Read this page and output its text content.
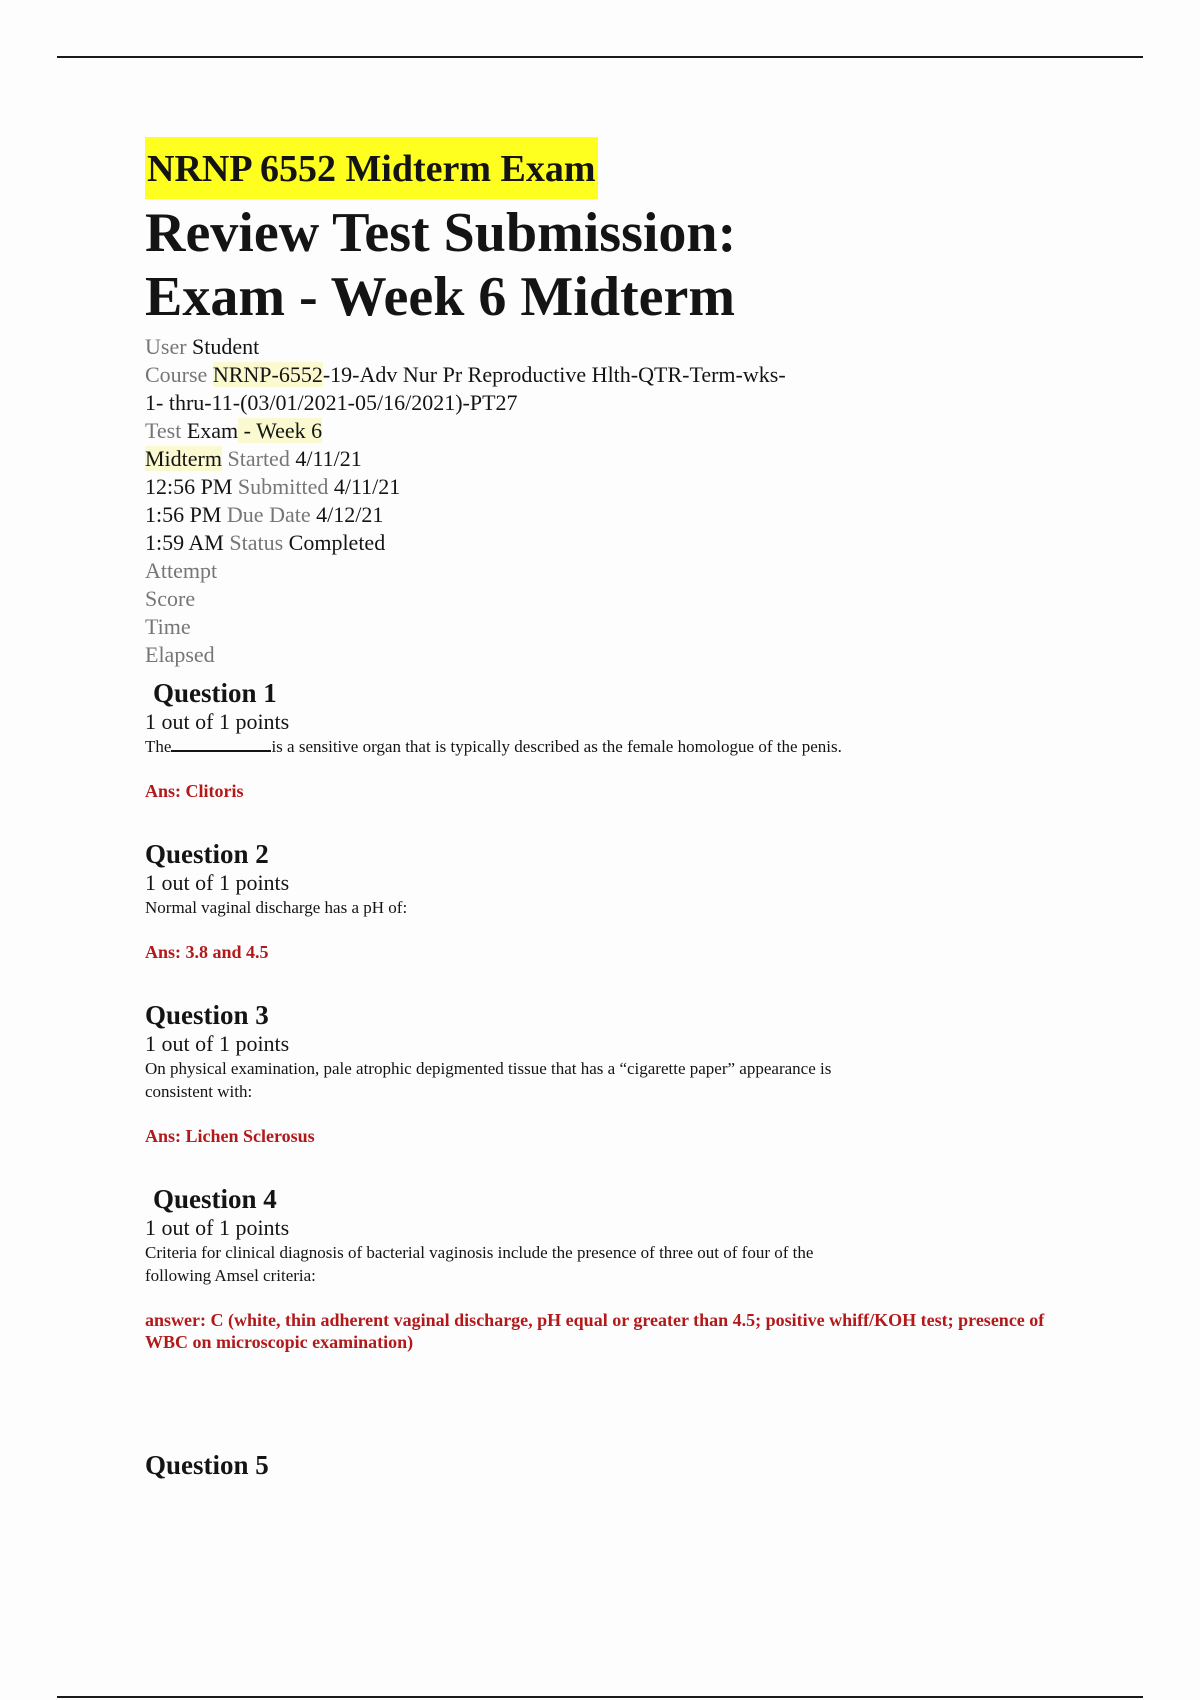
NRNP 6552 Midterm Exam
Review Test Submission:
Exam - Week 6 Midterm
User Student
Course NRNP-6552-19-Adv Nur Pr Reproductive Hlth-QTR-Term-wks-
1- thru-11-(03/01/2021-05/16/2021)-PT27
Test Exam - Week 6
Midterm Started 4/11/21
12:56 PM Submitted 4/11/21
1:56 PM Due Date 4/12/21
1:59 AM Status Completed
Attempt
Score
Time
Elapsed
Question 1
1 out of 1 points
The	is a sensitive organ that is typically described as the female homologue of the penis.
Ans: Clitoris
Question 2
1 out of 1 points
Normal vaginal discharge has a pH of:
Ans: 3.8 and 4.5
Question 3
1 out of 1 points
On physical examination, pale atrophic depigmented tissue that has a “cigarette paper” appearance is consistent with:
Ans: Lichen Sclerosus
Question 4
1 out of 1 points
Criteria for clinical diagnosis of bacterial vaginosis include the presence of three out of four of the following Amsel criteria:
answer: C (white, thin adherent vaginal discharge, pH equal or greater than 4.5; positive whiff/KOH test; presence of WBC on microscopic examination)
Question 5
